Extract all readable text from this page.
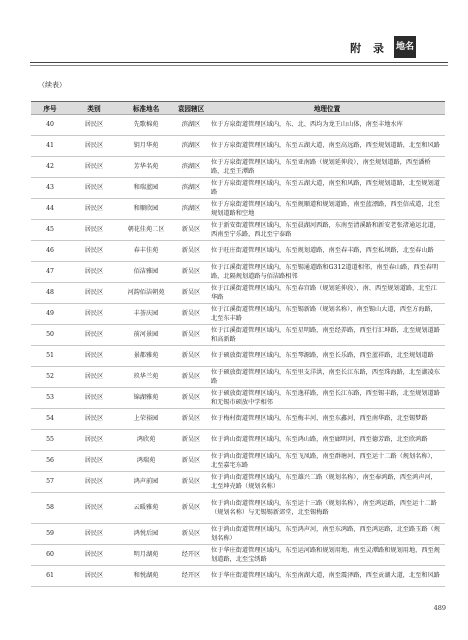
附 录 地名
（续表）
序号	类别	标准地名	袁园辖区	地理位置
40	居民区	先歌棉苑	滨湖区	位于方泉街道管理区域内，东、北、西均为龙王山山体，南至丰地水库
41	居民区	钥月华苑	滨湖区	位于方泉街道管理区域内，东至五湖大道，南至高远路，西至规划道路，北至和风路
42	居民区	芳华名苑	滨湖区	位于方泉街道管理区域内，东至亚南路（规划延伸段），南至规划道路，西至潘桥路，北至王潭路
43	居民区	和瑞蓝园	滨湖区	位于方泉街道管理区域内，东至五湖大道，南至和风路，西至规划道路，北至规划道路
44	居民区	和顺欣园	滨湖区	位于方泉街道管理区域内，东至规顺道和规划道路，南至蓝漂路，西至信成道，北至规划道路和空地
45	居民区	朝花佳苑二区	新吴区	位于新安街道管理区域内，东至晨湖河西路，东南至清溪路和新安老张渚通运北道，西南至宁乐路，西北至宁泰路
46	居民区	春丰佳苑	新吴区	位于旺庄街道管理区域内，东至规划道路，南至春丰路，西至私坝路，北至春山路
47	居民区	佰洁雅园	新吴区	位于江溪街道管理区域内，东至锡通道路和G312道道相邻，南至春山路，西至春明路，北隔规划道路与佰洁路相邻
48	居民区	河韵佰洁朝苑	新吴区	位于江溪街道管理区域内，东至春宫路（规划延伸段），南、西至规划道路，北至江华路
49	居民区	丰荟庆园	新吴区	位于江溪街道管理区域内，东至锡新路（规划名称），南至锡山大道，西至方海路，北至东丰路
50	居民区	前河景园	新吴区	位于江溪街道管理区域内，东至星明路，南至经养路，西至行汇坤路，北至规划道路和高新路
51	居民区	景都雅苑	新吴区	位于硕放街道管理区域内，东至琴源路，南至长乐路，西至蓝祥路，北至规划道路
52	居民区	玖华兰苑	新吴区	位于硕放街道管理区域内，东至里支洋洪，南至长江东路，西至珠海路，北至湖凌东路
53	居民区	锦湖雅苑	新吴区	位于硕放街道管理区域内，东至逸祥路，南至长江东路，西至锡丰路，北至规划道路和无锡市硕放中学相邻
54	居民区	上荣裕园	新吴区	位于梅村街道管理区域内，东至梅丰河，南至东鑫河，西至南华路，北至锡梦路
55	居民区	鸿欣苑	新吴区	位于鸿山街道管理区域内，东至鸿山路，南至廊明河，西至德芳路，北至欣鸿路
56	居民区	鸿瑞苑	新吴区	位于鸿山街道管理区域内，东至飞凤路，南至群塘河，西至运十二路（规划名称），北至嘉宅东路
57	居民区	鸿声前园	新吴区	位于鸿山街道管理区域内，东至雄兴二路（规划名称），南至奉鸿路，西至鸿声河，北至坤壳路（规划名称）
58	居民区	云暖雅苑	新吴区	位于鸿山街道管理区域内，东至运十三路（规划名称），南至鸿运路，西至运十二路（规划名称）与无锡锡新郊堂，北至锡梅路
59	居民区	鸿悦后园	新吴区	位于鸿山街道管理区域内，东至鸿声河，南至东鸿路，西至鸿运路，北至路玉路（规划名称）
60	居民区	明月湖苑	经开区	位于华庄街道管理区域内，东至运河路和规划用地，南至灵潭路和规划用地，西至规划道路，北至宝绣路
61	居民区	和悦湖苑	经开区	位于华庄街道管理区域内，东至南湖大道，南至震泽路，西至贡湖大道，北至和风路
489
